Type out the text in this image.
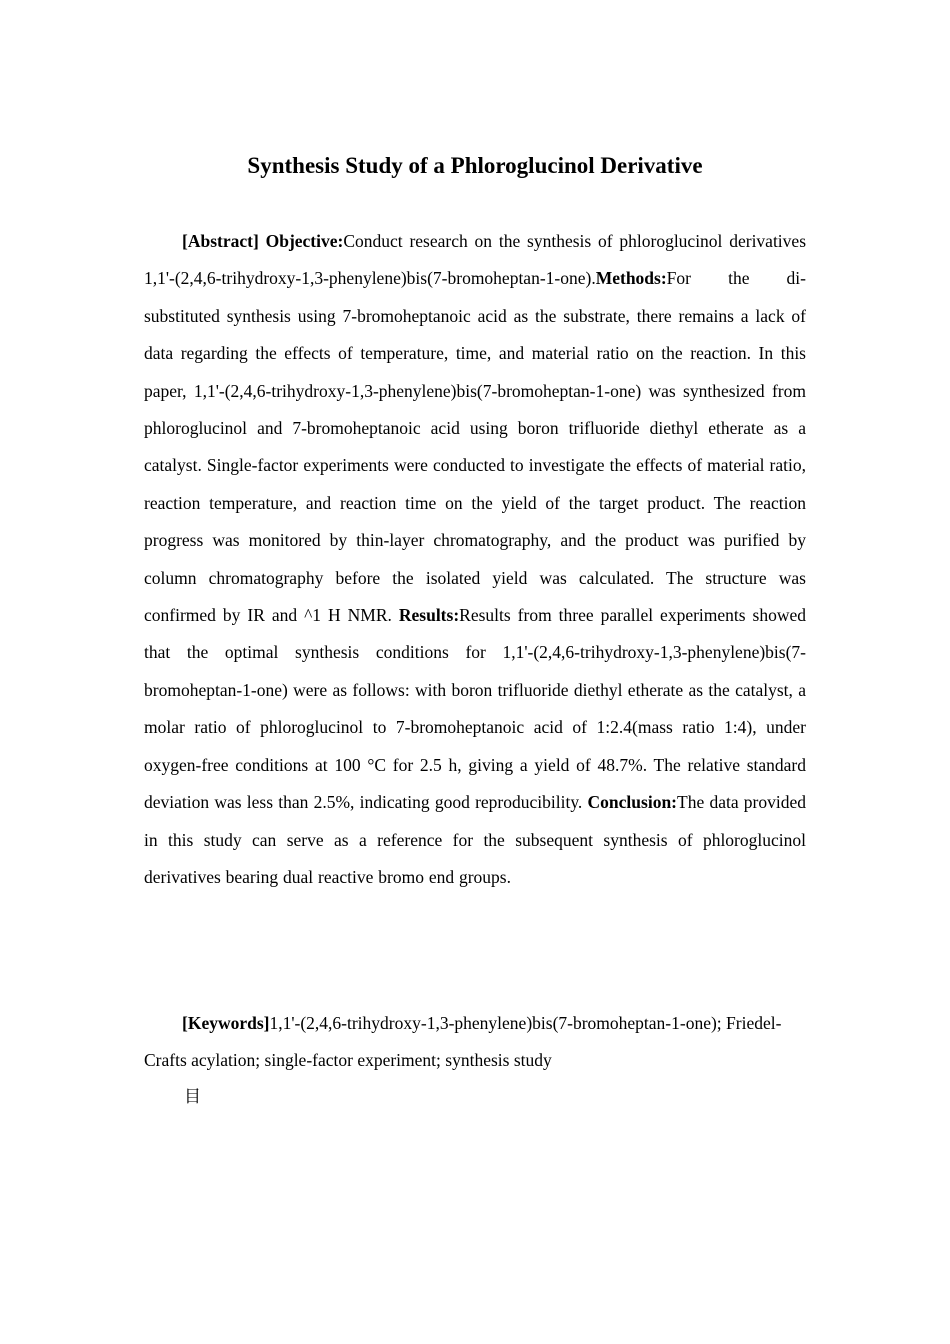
Synthesis Study of a Phloroglucinol Derivative

[Abstract] Objective:Conduct research on the synthesis of phloroglucinol derivatives 1,1'-(2,4,6-trihydroxy-1,3-phenylene)bis(7-bromoheptan-1-one).Methods:For the di-substituted synthesis using 7-bromoheptanoic acid as the substrate, there remains a lack of data regarding the effects of temperature, time, and material ratio on the reaction. In this paper, 1,1'-(2,4,6-trihydroxy-1,3-phenylene)bis(7-bromoheptan-1-one) was synthesized from phloroglucinol and 7-bromoheptanoic acid using boron trifluoride diethyl etherate as a catalyst. Single-factor experiments were conducted to investigate the effects of material ratio, reaction temperature, and reaction time on the yield of the target product. The reaction progress was monitored by thin-layer chromatography, and the product was purified by column chromatography before the isolated yield was calculated. The structure was confirmed by IR and ^1 H NMR. Results:Results from three parallel experiments showed that the optimal synthesis conditions for 1,1'-(2,4,6-trihydroxy-1,3-phenylene)bis(7-bromoheptan-1-one) were as follows: with boron trifluoride diethyl etherate as the catalyst, a molar ratio of phloroglucinol to 7-bromoheptanoic acid of 1:2.4(mass ratio 1:4), under oxygen-free conditions at 100 °C for 2.5 h, giving a yield of 48.7%. The relative standard deviation was less than 2.5%, indicating good reproducibility. Conclusion:The data provided in this study can serve as a reference for the subsequent synthesis of phloroglucinol derivatives bearing dual reactive bromo end groups.

[Keywords]1,1'-(2,4,6-trihydroxy-1,3-phenylene)bis(7-bromoheptan-1-one); Friedel-Crafts acylation; single-factor experiment; synthesis study

目
